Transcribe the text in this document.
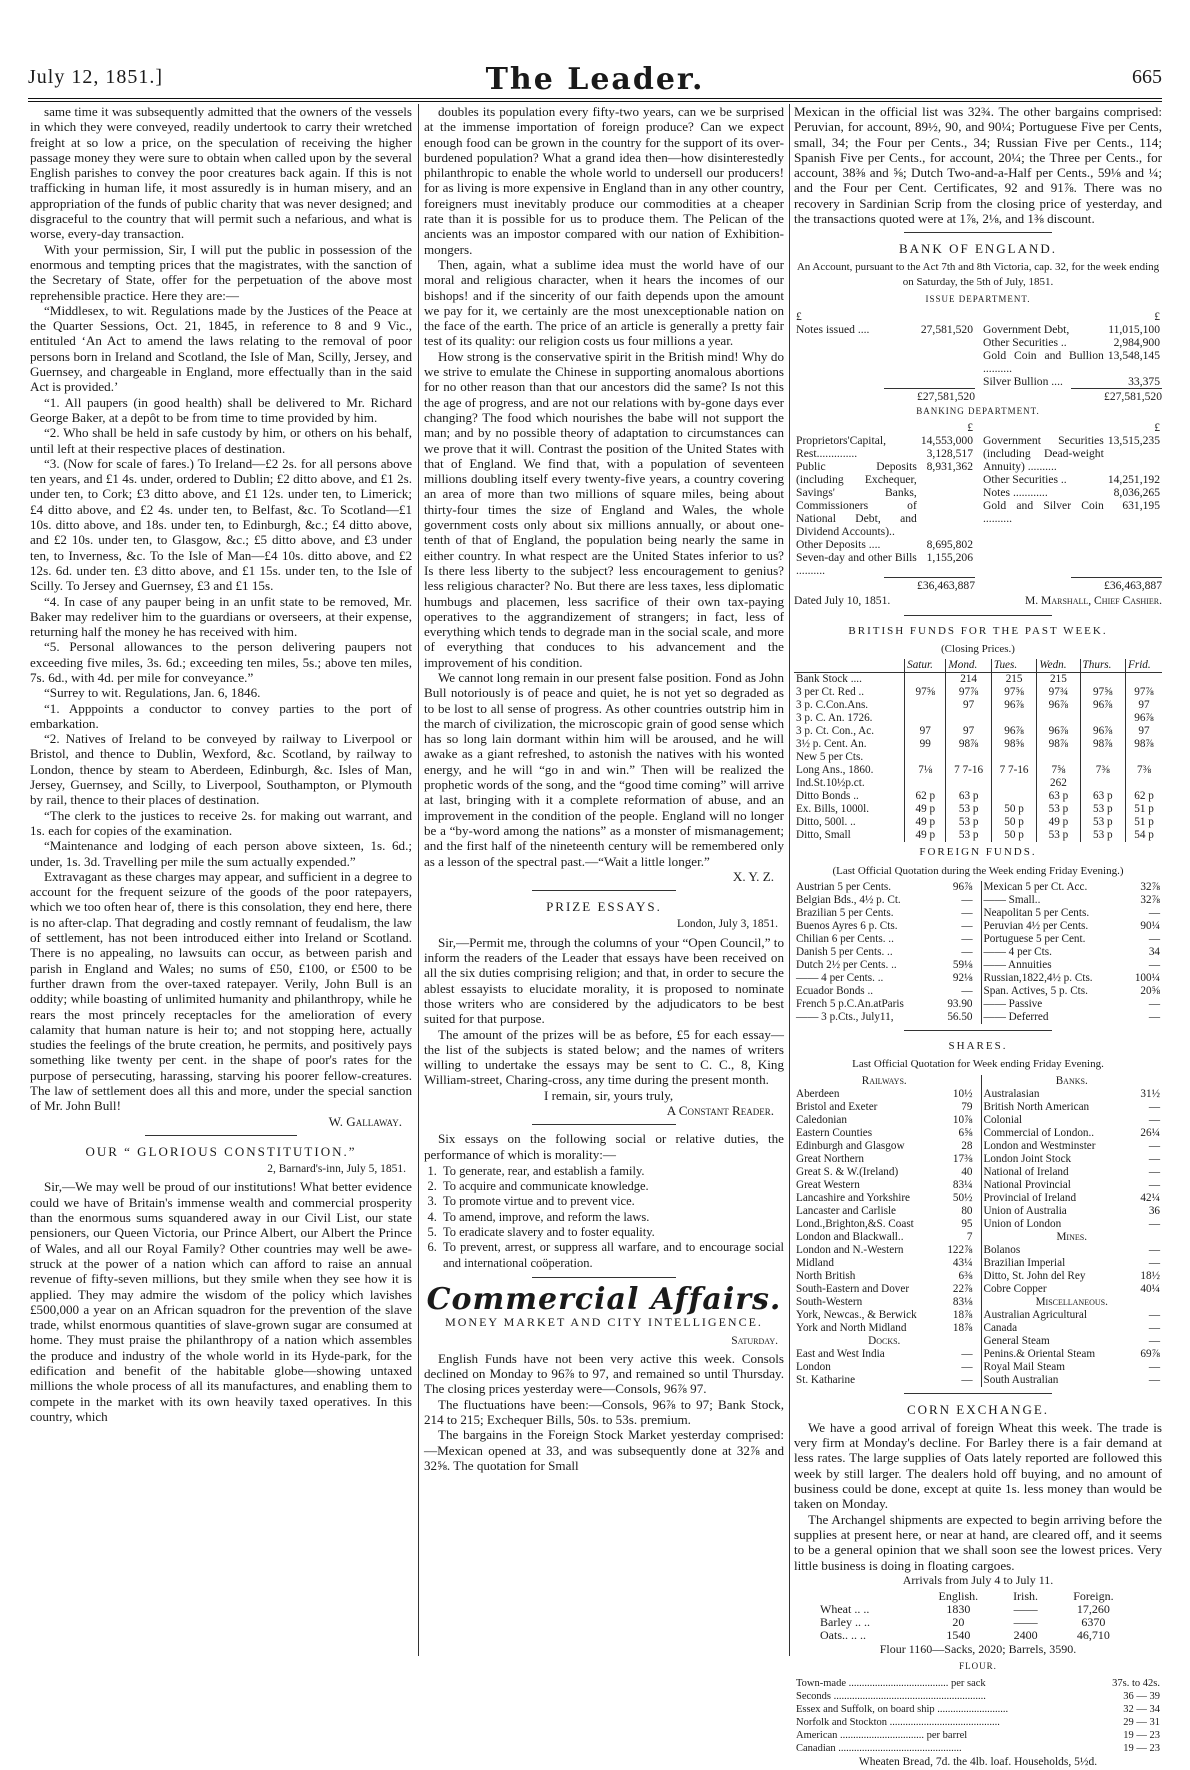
July 12, 1851.]	The Leader.	665

same time it was subsequently admitted that the owners of the vessels in which they were conveyed, readily undertook to carry their wretched freight at so low a price, on the speculation of receiving the higher passage money they were sure to obtain when called upon by the several English parishes to convey the poor creatures back again. If this is not trafficking in human life, it most assuredly is in human misery, and an appropriation of the funds of public charity that was never designed; and disgraceful to the country that will permit such a nefarious, and what is worse, every-day transaction.

With your permission, Sir, I will put the public in possession of the enormous and tempting prices that the magistrates, with the sanction of the Secretary of State, offer for the perpetuation of the above most reprehensible practice. Here they are:—

“Middlesex, to wit. Regulations made by the Justices of the Peace at the Quarter Sessions, Oct. 21, 1845, in reference to 8 and 9 Vic., entituled ‘An Act to amend the laws relating to the removal of poor persons born in Ireland and Scotland, the Isle of Man, Scilly, Jersey, and Guernsey, and chargeable in England, more effectually than in the said Act is provided.’

“1. All paupers (in good health) shall be delivered to Mr. Richard George Baker, at a depôt to be from time to time provided by him.

“2. Who shall be held in safe custody by him, or others on his behalf, until left at their respective places of destination.

“3. (Now for scale of fares.) To Ireland—£2 2s. for all persons above ten years, and £1 4s. under, ordered to Dublin; £2 ditto above, and £1 2s. under ten, to Cork; £3 ditto above, and £1 12s. under ten, to Limerick; £4 ditto above, and £2 4s. under ten, to Belfast, &c. To Scotland—£1 10s. ditto above, and 18s. under ten, to Edinburgh, &c.; £4 ditto above, and £2 10s. under ten, to Glasgow, &c.; £5 ditto above, and £3 under ten, to Inverness, &c. To the Isle of Man—£4 10s. ditto above, and £2 12s. 6d. under ten. £3 ditto above, and £1 15s. under ten, to the Isle of Scilly. To Jersey and Guernsey, £3 and £1 15s.

“4. In case of any pauper being in an unfit state to be removed, Mr. Baker may redeliver him to the guardians or overseers, at their expense, returning half the money he has received with him.

“5. Personal allowances to the person delivering paupers not exceeding five miles, 3s. 6d.; exceeding ten miles, 5s.; above ten miles, 7s. 6d., with 4d. per mile for conveyance.”

“Surrey to wit. Regulations, Jan. 6, 1846.

“1. Apppoints a conductor to convey parties to the port of embarkation.

“2. Natives of Ireland to be conveyed by railway to Liverpool or Bristol, and thence to Dublin, Wexford, &c. Scotland, by railway to London, thence by steam to Aberdeen, Edinburgh, &c. Isles of Man, Jersey, Guernsey, and Scilly, to Liverpool, Southampton, or Plymouth by rail, thence to their places of destination.

“The clerk to the justices to receive 2s. for making out warrant, and 1s. each for copies of the examination.

“Maintenance and lodging of each person above sixteen, 1s. 6d.; under, 1s. 3d. Travelling per mile the sum actually expended.”

Extravagant as these charges may appear, and sufficient in a degree to account for the frequent seizure of the goods of the poor ratepayers, which we too often hear of, there is this consolation, they end here, there is no after-clap. That degrading and costly remnant of feudalism, the law of settlement, has not been introduced either into Ireland or Scotland. There is no appealing, no lawsuits can occur, as between parish and parish in England and Wales; no sums of £50, £100, or £500 to be further drawn from the over-taxed ratepayer. Verily, John Bull is an oddity; while boasting of unlimited humanity and philanthropy, while he rears the most princely receptacles for the amelioration of every calamity that human nature is heir to; and not stopping here, actually studies the feelings of the brute creation, he permits, and positively pays something like twenty per cent. in the shape of poor's rates for the purpose of persecuting, harassing, starving his poorer fellow-creatures. The law of settlement does all this and more, under the special sanction of Mr. John Bull!

W. Gallaway.

OUR “ GLORIOUS CONSTITUTION.”

2, Barnard's-inn, July 5, 1851.

Sir,—We may well be proud of our institutions! What better evidence could we have of Britain's immense wealth and commercial prosperity than the enormous sums squandered away in our Civil List, our state pensioners, our Queen Victoria, our Prince Albert, our Albert the Prince of Wales, and all our Royal Family? Other countries may well be awe-struck at the power of a nation which can afford to raise an annual revenue of fifty-seven millions, but they smile when they see how it is applied. They may admire the wisdom of the policy which lavishes £500,000 a year on an African squadron for the prevention of the slave trade, whilst enormous quantities of slave-grown sugar are consumed at home. They must praise the philanthropy of a nation which assembles the produce and industry of the whole world in its Hyde-park, for the edification and benefit of the habitable globe—showing untaxed millions the whole process of all its manufactures, and enabling them to compete in the market with its own heavily taxed operatives. In this country, which

doubles its population every fifty-two years, can we be surprised at the immense importation of foreign produce? Can we expect enough food can be grown in the country for the support of its over-burdened population? What a grand idea then—how disinterestedly philanthropic to enable the whole world to undersell our producers! for as living is more expensive in England than in any other country, foreigners must inevitably produce our commodities at a cheaper rate than it is possible for us to produce them. The Pelican of the ancients was an impostor compared with our nation of Exhibition-mongers.

Then, again, what a sublime idea must the world have of our moral and religious character, when it hears the incomes of our bishops! and if the sincerity of our faith depends upon the amount we pay for it, we certainly are the most unexceptionable nation on the face of the earth. The price of an article is generally a pretty fair test of its quality: our religion costs us four millions a year.

How strong is the conservative spirit in the British mind! Why do we strive to emulate the Chinese in supporting anomalous abortions for no other reason than that our ancestors did the same? Is not this the age of progress, and are not our relations with by-gone days ever changing? The food which nourishes the babe will not support the man; and by no possible theory of adaptation to circumstances can we prove that it will. Contrast the position of the United States with that of England. We find that, with a population of seventeen millions doubling itself every twenty-five years, a country covering an area of more than two millions of square miles, being about thirty-four times the size of England and Wales, the whole government costs only about six millions annually, or about one-tenth of that of England, the population being nearly the same in either country. In what respect are the United States inferior to us? Is there less liberty to the subject? less encouragement to genius? less religious character? No. But there are less taxes, less diplomatic humbugs and placemen, less sacrifice of their own tax-paying operatives to the aggrandizement of strangers; in fact, less of everything which tends to degrade man in the social scale, and more of everything that conduces to his advancement and the improvement of his condition.

We cannot long remain in our present false position. Fond as John Bull notoriously is of peace and quiet, he is not yet so degraded as to be lost to all sense of progress. As other countries outstrip him in the march of civilization, the microscopic grain of good sense which has so long lain dormant within him will be aroused, and he will awake as a giant refreshed, to astonish the natives with his wonted energy, and he will “go in and win.” Then will be realized the prophetic words of the song, and the “good time coming” will arrive at last, bringing with it a complete reformation of abuse, and an improvement in the condition of the people. England will no longer be a “by-word among the nations” as a monster of mismanagement; and the first half of the nineteenth century will be remembered only as a lesson of the spectral past.—“Wait a little longer.”

X. Y. Z.

PRIZE ESSAYS.

London, July 3, 1851.

Sir,—Permit me, through the columns of your “Open Council,” to inform the readers of the Leader that essays have been received on all the six duties comprising religion; and that, in order to secure the ablest essayists to elucidate morality, it is proposed to nominate those writers who are considered by the adjudicators to be best suited for that purpose.

The amount of the prizes will be as before, £5 for each essay—the list of the subjects is stated below; and the names of writers willing to undertake the essays may be sent to C. C., 8, King William-street, Charing-cross, any time during the present month.

I remain, sir, yours truly,

A Constant Reader.

Six essays on the following social or relative duties, the performance of which is morality:—

1. To generate, rear, and establish a family.
2. To acquire and communicate knowledge.
3. To promote virtue and to prevent vice.
4. To amend, improve, and reform the laws.
5. To eradicate slavery and to foster equality.
6. To prevent, arrest, or suppress all warfare, and to encourage social and international coöperation.

Commercial Affairs.

MONEY MARKET AND CITY INTELLIGENCE.

Saturday.

English Funds have not been very active this week. Consols declined on Monday to 96⅞ to 97, and remained so until Thursday. The closing prices yesterday were—Consols, 96⅞ 97.

The fluctuations have been:—Consols, 96⅞ to 97; Bank Stock, 214 to 215; Exchequer Bills, 50s. to 53s. premium.

The bargains in the Foreign Stock Market yesterday comprised:—Mexican opened at 33, and was subsequently done at 32⅞ and 32⅝. The quotation for Small

Mexican in the official list was 32¾. The other bargains comprised: Peruvian, for account, 89½, 90, and 90¼; Portuguese Five per Cents, small, 34; the Four per Cents., 34; Russian Five per Cents., 114; Spanish Five per Cents., for account, 20¼; the Three per Cents., for account, 38⅜ and ⅝; Dutch Two-and-a-Half per Cents., 59⅛ and ¼; and the Four per Cent. Certificates, 92 and 91⅞. There was no recovery in Sardinian Scrip from the closing price of yesterday, and the transactions quoted were at 1⅞, 2⅛, and 1⅜ discount.

BANK OF ENGLAND.

An Account, pursuant to the Act 7th and 8th Victoria, cap. 32, for the week ending on Saturday, the 5th of July, 1851.

ISSUE DEPARTMENT.

£	
Notes issued ....	27,581,520
	£
Government Debt,	11,015,100
Other Securities ..	2,984,900
Gold Coin and Bullion ..........	13,548,145
Silver Bullion ....	33,375
£27,581,520	£27,581,520

BANKING DEPARTMENT.

	£
Proprietors'Capital,	14,553,000
Rest..............	3,128,517
Public Deposits (including Exchequer, Savings' Banks, Commissioners of National Debt, and Dividend Accounts)..	8,931,362
Other Deposits ....	8,695,802
Seven-day and other Bills ..........	1,155,206
	£
Government Securities (including Dead-weight Annuity) ..........	13,515,235
Other Securities ..	14,251,192
Notes ............	8,036,265
Gold and Silver Coin ..........	631,195
£36,463,887	£36,463,887
Dated July 10, 1851.	M. Marshall, Chief Cashier.

BRITISH FUNDS FOR THE PAST WEEK.

(Closing Prices.)

	Satur.	Mond.	Tues.	Wedn.	Thurs.	Frid.
Bank Stock ....		214	215	215		
3 per Ct. Red ..	97⅝	97⅞	97⅝	97¾	97⅝	97⅞
3 p. C.Con.Ans.		97	96⅞	96⅞	96⅞	97
3 p. C. An. 1726.						96⅞
3 p. Ct. Con., Ac.	97	97	96⅞	96⅞	96⅞	97
3½ p. Cent. An.	99	98⅞	98⅝	98⅞	98⅞	98⅞
New 5 per Cts.						
Long Ans., 1860.	7⅛	7 7-16	7 7-16	7⅝	7⅜	7⅜
Ind.St.10½p.ct.				262		
Ditto Bonds ..	62 p	63 p		63 p	63 p	62 p
Ex. Bills, 1000l.	49 p	53 p	50 p	53 p	53 p	51 p
Ditto, 500l. ..	49 p	53 p	50 p	49 p	53 p	51 p
Ditto, Small	49 p	53 p	50 p	53 p	53 p	54 p

FOREIGN FUNDS.

(Last Official Quotation during the Week ending Friday Evening.)

Austrian 5 per Cents.	96⅞
Belgian Bds., 4½ p. Ct.	—
Brazilian 5 per Cents.	—
Buenos Ayres 6 p. Cts.	—
Chilian 6 per Cents. ..	—
Danish 5 per Cents. ..	—
Dutch 2½ per Cents. ..	59⅛
—— 4 per Cents. ..	92⅛
Ecuador Bonds ..	—
French 5 p.C.An.atParis	93.90
—— 3 p.Cts., July11,	56.50
Mexican 5 per Ct. Acc.	32⅞
—— Small..	32⅞
Neapolitan 5 per Cents.	—
Peruvian 4½ per Cents.	90¼
Portuguese 5 per Cent.	—
—— 4 per Cts.	34
—— Annuities	—
Russian,1822,4½ p. Cts.	100¼
Span. Actives, 5 p. Cts.	20⅝
—— Passive	—
—— Deferred	—

SHARES.

Last Official Quotation for Week ending Friday Evening.

Railways.	
Aberdeen	10½
Bristol and Exeter	79
Caledonian	10⅞
Eastern Counties	6⅝
Edinburgh and Glasgow	28
Great Northern	17⅜
Great S. & W.(Ireland)	40
Great Western	83¼
Lancashire and Yorkshire	50½
Lancaster and Carlisle	80
Lond.,Brighton,&S. Coast	95
London and Blackwall..	7
London and N.-Western	122⅞
Midland	43¼
North British	6⅜
South-Eastern and Dover	22⅞
South-Western	83⅛
York, Newcas., & Berwick	18⅞
York and North Midland	18⅞
Docks.	
East and West India	—
London	—
St. Katharine	—
Banks.	
Australasian	31½
British North American	—
Colonial	—
Commercial of London..	26¼
London and Westminster	—
London Joint Stock	—
National of Ireland	—
National Provincial	—
Provincial of Ireland	42¼
Union of Australia	36
Union of London	—
Mines.	
Bolanos	—
Brazilian Imperial	—
Ditto, St. John del Rey	18½
Cobre Copper	40¼
Miscellaneous.	
Australian Agricultural	—
Canada	—
General Steam	—
Penins.& Oriental Steam	69⅞
Royal Mail Steam	—
South Australian	—

CORN EXCHANGE.

We have a good arrival of foreign Wheat this week. The trade is very firm at Monday's decline. For Barley there is a fair demand at less rates. The large supplies of Oats lately reported are followed this week by still larger. The dealers hold off buying, and no amount of business could be done, except at quite 1s. less money than would be taken on Monday.

The Archangel shipments are expected to begin arriving before the supplies at present here, or near at hand, are cleared off, and it seems to be a general opinion that we shall soon see the lowest prices. Very little business is doing in floating cargoes.

Arrivals from July 4 to July 11.

	English.	Irish.	Foreign.
Wheat .. ..	1830	——	17,260
Barley .. ..	20	——	6370
Oats.. .. ..	1540	2400	46,710

Flour 1160—Sacks, 2020; Barrels, 3590.

FLOUR.

Town-made ...................................... per sack	37s. to 42s.
Seconds ..........................................................	36 — 39
Essex and Suffolk, on board ship ...........................	32 — 34
Norfolk and Stockton ..........................................	29 — 31
American ................................ per barrel	19 — 23
Canadian ...............................................	19 — 23

Wheaten Bread, 7d. the 4lb. loaf. Households, 5½d.
